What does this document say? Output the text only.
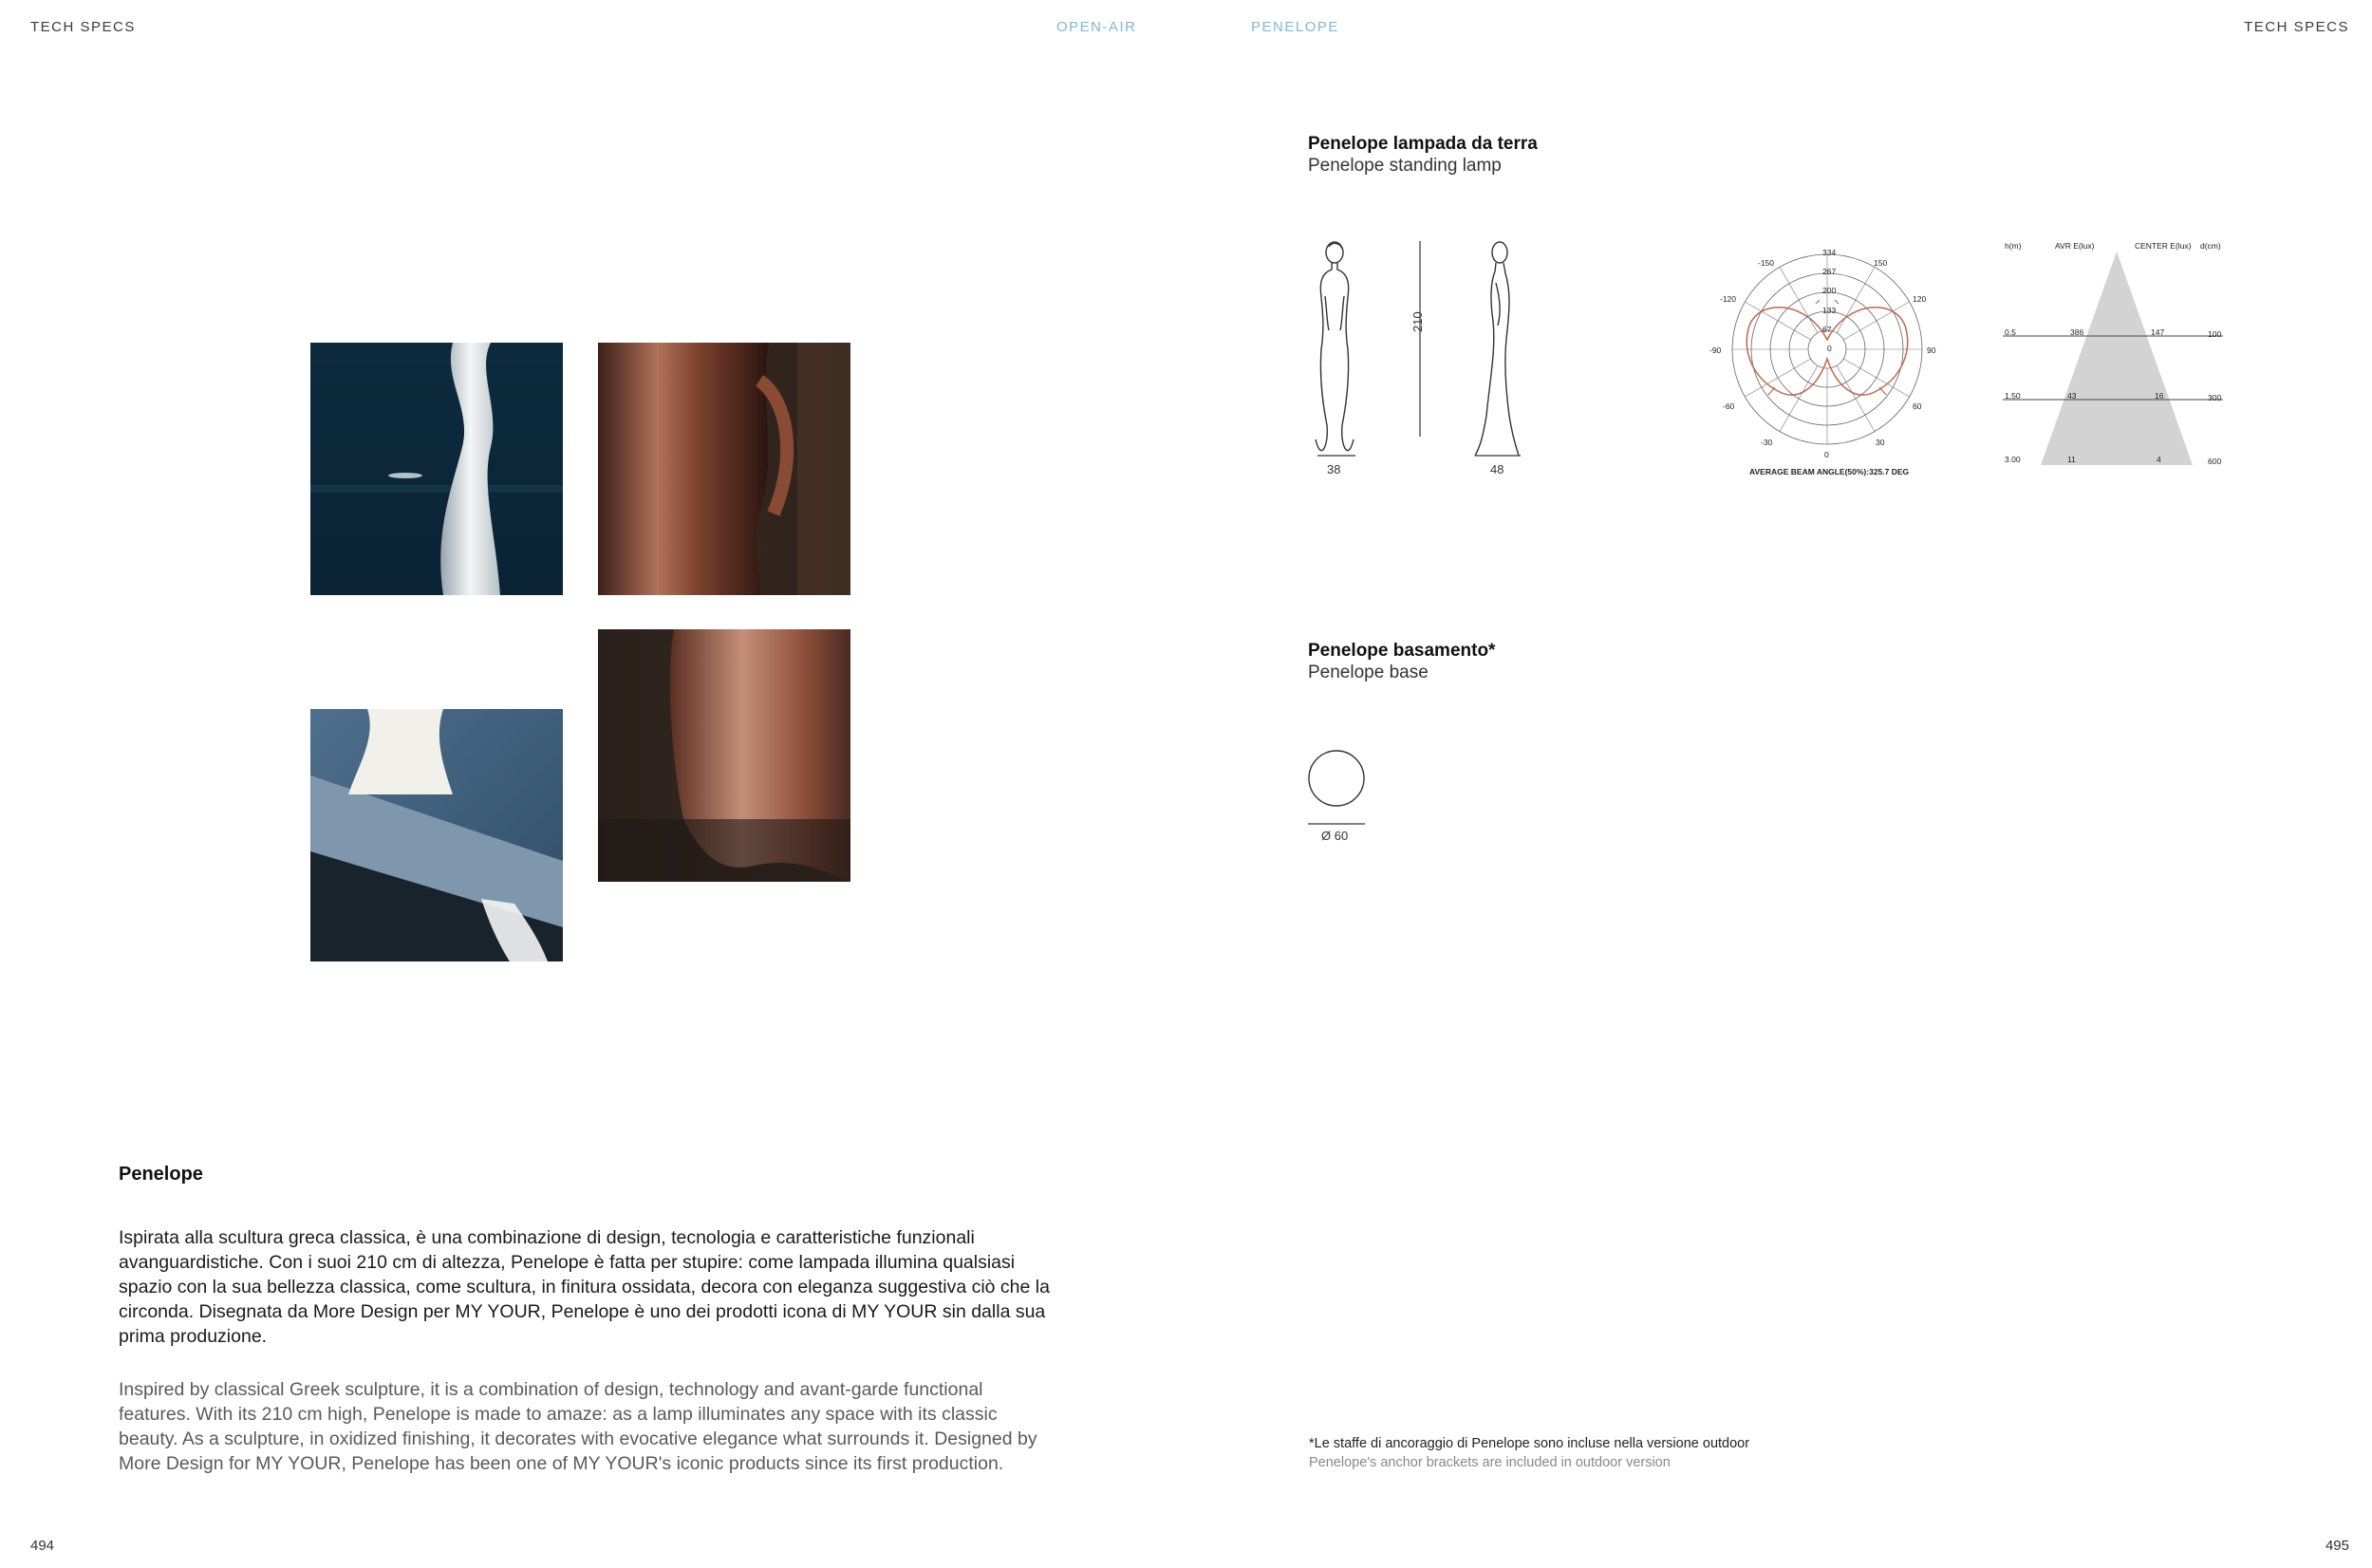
TECH SPECS	OPEN-AIR	PENELOPE	TECH SPECS
Penelope
Ispirata alla scultura greca classica, è una combinazione di design, tecnologia e caratteristiche funzionali avanguardistiche. Con i suoi 210 cm di altezza, Penelope è fatta per stupire: come lampada illumina qualsiasi spazio con la sua bellezza classica, come scultura, in finitura ossidata, decora con eleganza suggestiva ciò che la circonda. Disegnata da More Design per MY YOUR, Penelope è uno dei prodotti icona di MY YOUR sin dalla sua prima produzione.
Inspired by classical Greek sculpture, it is a combination of design, technology and avant-garde functional features. With its 210 cm high, Penelope is made to amaze: as a lamp illuminates any space with its classic beauty. As a sculpture, in oxidized finishing, it decorates with evocative elegance what surrounds it. Designed by More Design for MY YOUR, Penelope has been one of MY YOUR's iconic products since its first production.
Penelope lampada da terra
Penelope standing lamp
210
38	48
334
267
200
133
67
0
-150	150
-120	120
-90	90
-60	60
-30	30
0
AVERAGE BEAM ANGLE(50%):325.7 DEG
h(m)	AVR E(lux)	CENTER E(lux) d(cm)
0.5	386	147	100
1.50	43	16	300
3.00	11	4	600
Penelope basamento*
Penelope base
Ø 60
*Le staffe di ancoraggio di Penelope sono incluse nella versione outdoor
Penelope's anchor brackets are included in outdoor version
494	495
